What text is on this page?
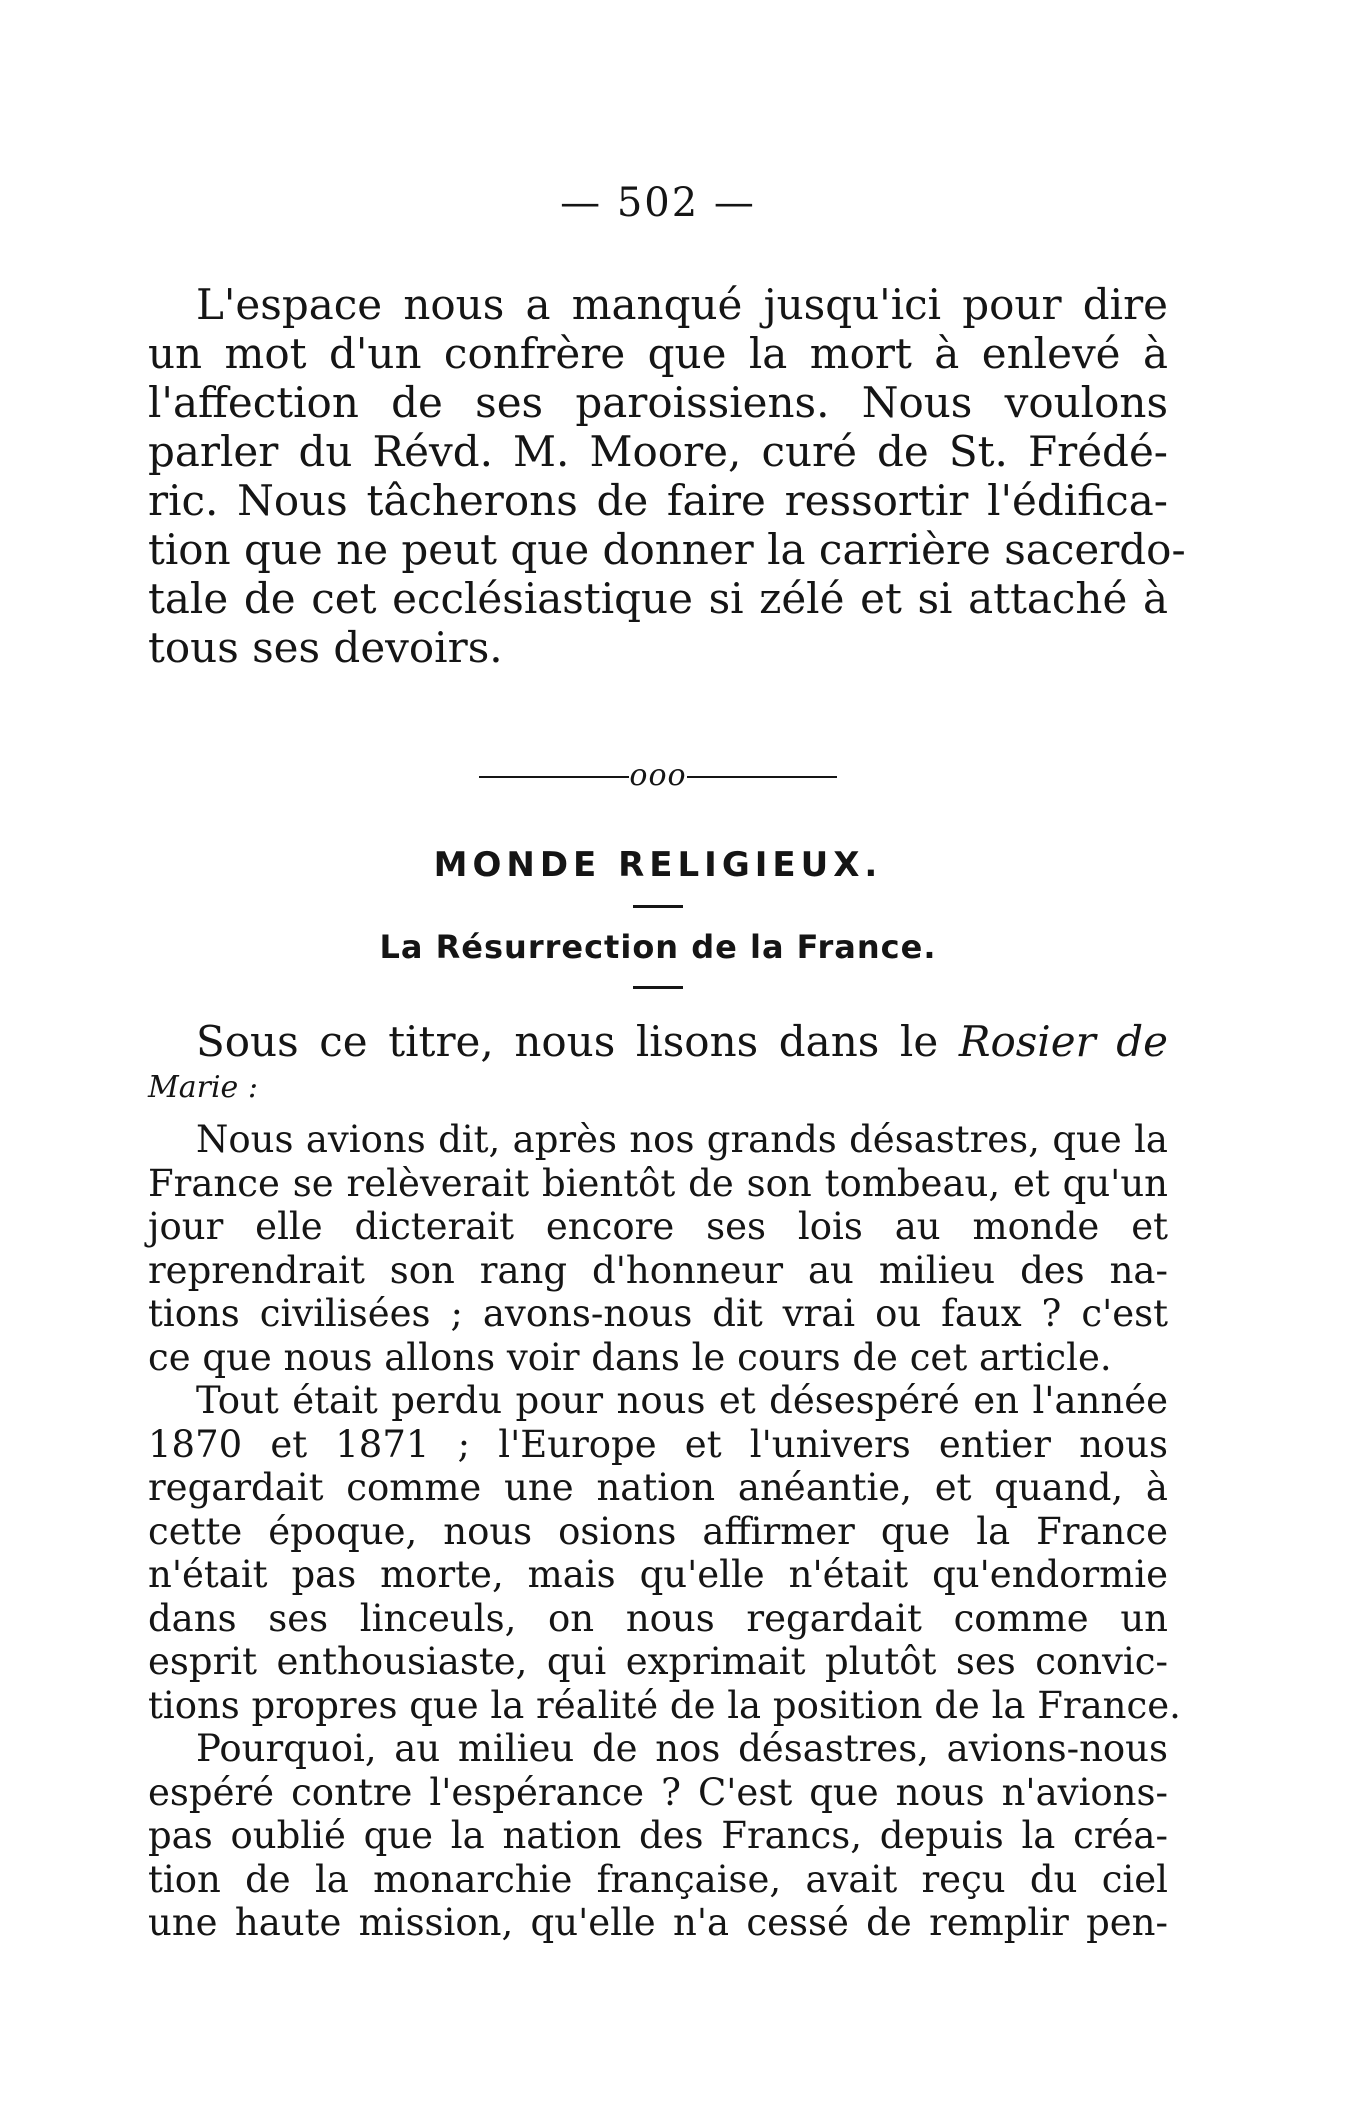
— 502 —

L'espace nous a manqué jusqu'ici pour dire
un mot d'un confrère que la mort à enlevé à
l'affection de ses paroissiens. Nous voulons
parler du Révd. M. Moore, curé de St. Frédé-
ric. Nous tâcherons de faire ressortir l'édifica-
tion que ne peut que donner la carrière sacerdo-
tale de cet ecclésiastique si zélé et si attaché à
tous ses devoirs.

ooo
MONDE RELIGIEUX.
La Résurrection de la France.
Sous ce titre, nous lisons dans le Rosier de
Marie :

Nous avions dit, après nos grands désastres, que la
France se relèverait bientôt de son tombeau, et qu'un
jour elle dicterait encore ses lois au monde et
reprendrait son rang d'honneur au milieu des na-
tions civilisées ; avons-nous dit vrai ou faux ? c'est
ce que nous allons voir dans le cours de cet article.

Tout était perdu pour nous et désespéré en l'année
1870 et 1871 ; l'Europe et l'univers entier nous
regardait comme une nation anéantie, et quand, à
cette époque, nous osions affirmer que la France
n'était pas morte, mais qu'elle n'était qu'endormie
dans ses linceuls, on nous regardait comme un
esprit enthousiaste, qui exprimait plutôt ses convic-
tions propres que la réalité de la position de la France.

Pourquoi, au milieu de nos désastres, avions-nous
espéré contre l'espérance ? C'est que nous n'avions-
pas oublié que la nation des Francs, depuis la créa-
tion de la monarchie française, avait reçu du ciel
une haute mission, qu'elle n'a cessé de remplir pen-
